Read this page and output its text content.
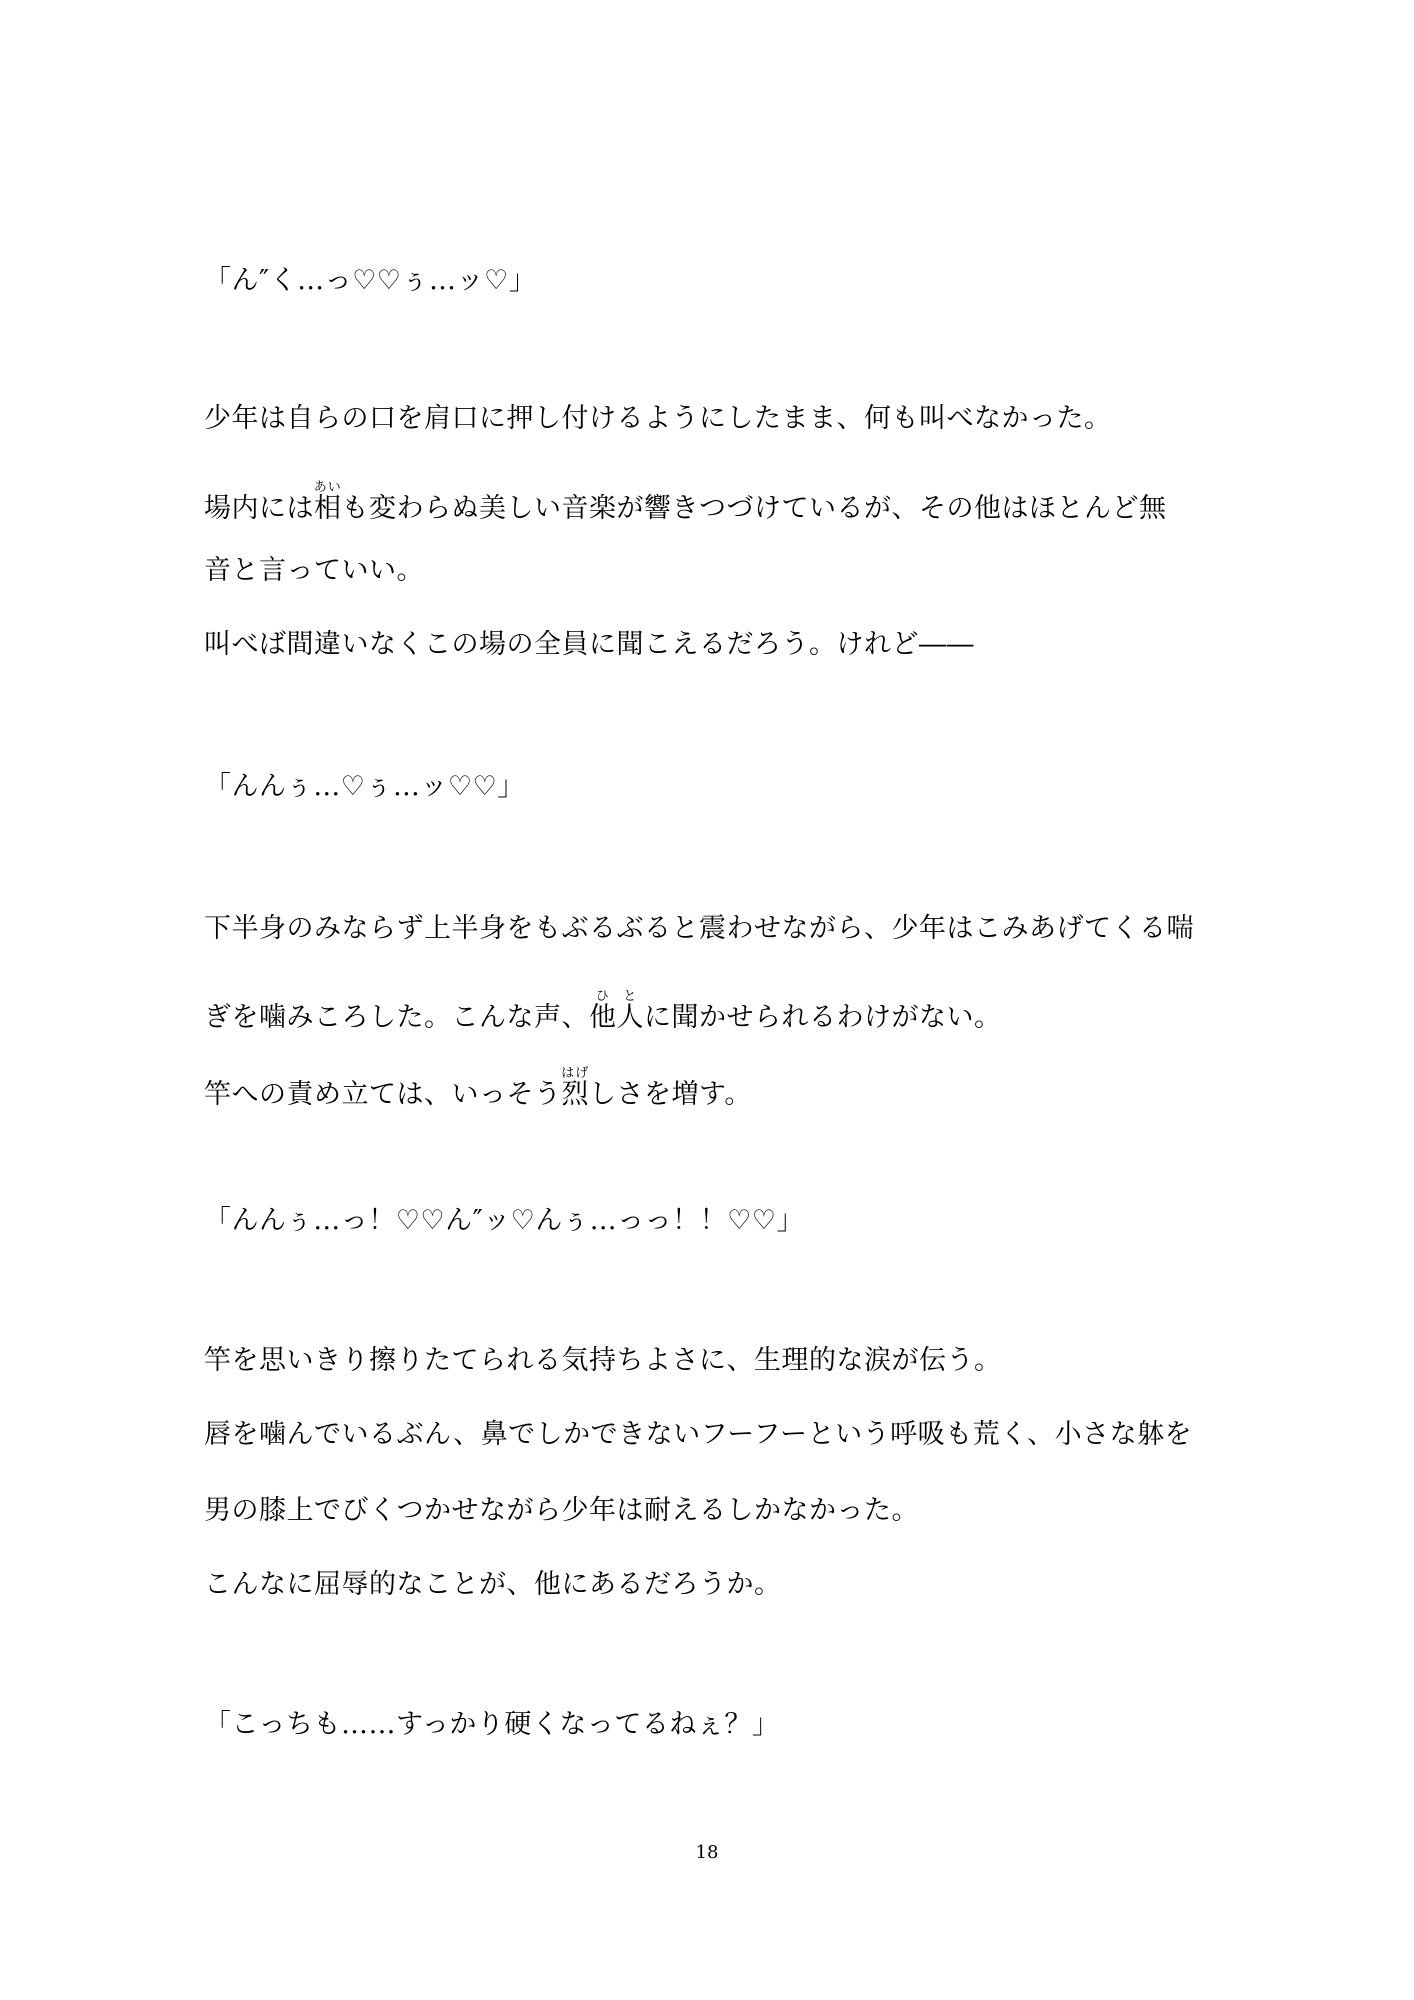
「ん″く…っ♡♡ぅ…ッ♡」
少年は自らの口を肩口に押し付けるようにしたまま、何も叫べなかった。
場内には相あいも変わらぬ美しい音楽が響きつづけているが、その他はほとんど無
音と言っていい。
叫べば間違いなくこの場の全員に聞こえるだろう。けれど――
「んんぅ…♡ぅ…ッ♡♡」
下半身のみならず上半身をもぶるぶると震わせながら、少年はこみあげてくる喘
ぎを噛みころした。こんな声、他人ひとに聞かせられるわけがない。
竿への責め立ては、いっそう烈はげしさを増す。
「んんぅ…っ！♡♡ん″ッ♡んぅ…っっ！！♡♡」
竿を思いきり擦りたてられる気持ちよさに、生理的な涙が伝う。
唇を噛んでいるぶん、鼻でしかできないフーフーという呼吸も荒く、小さな躰を
男の膝上でびくつかせながら少年は耐えるしかなかった。
こんなに屈辱的なことが、他にあるだろうか。
「こっちも……すっかり硬くなってるねぇ？」
18
